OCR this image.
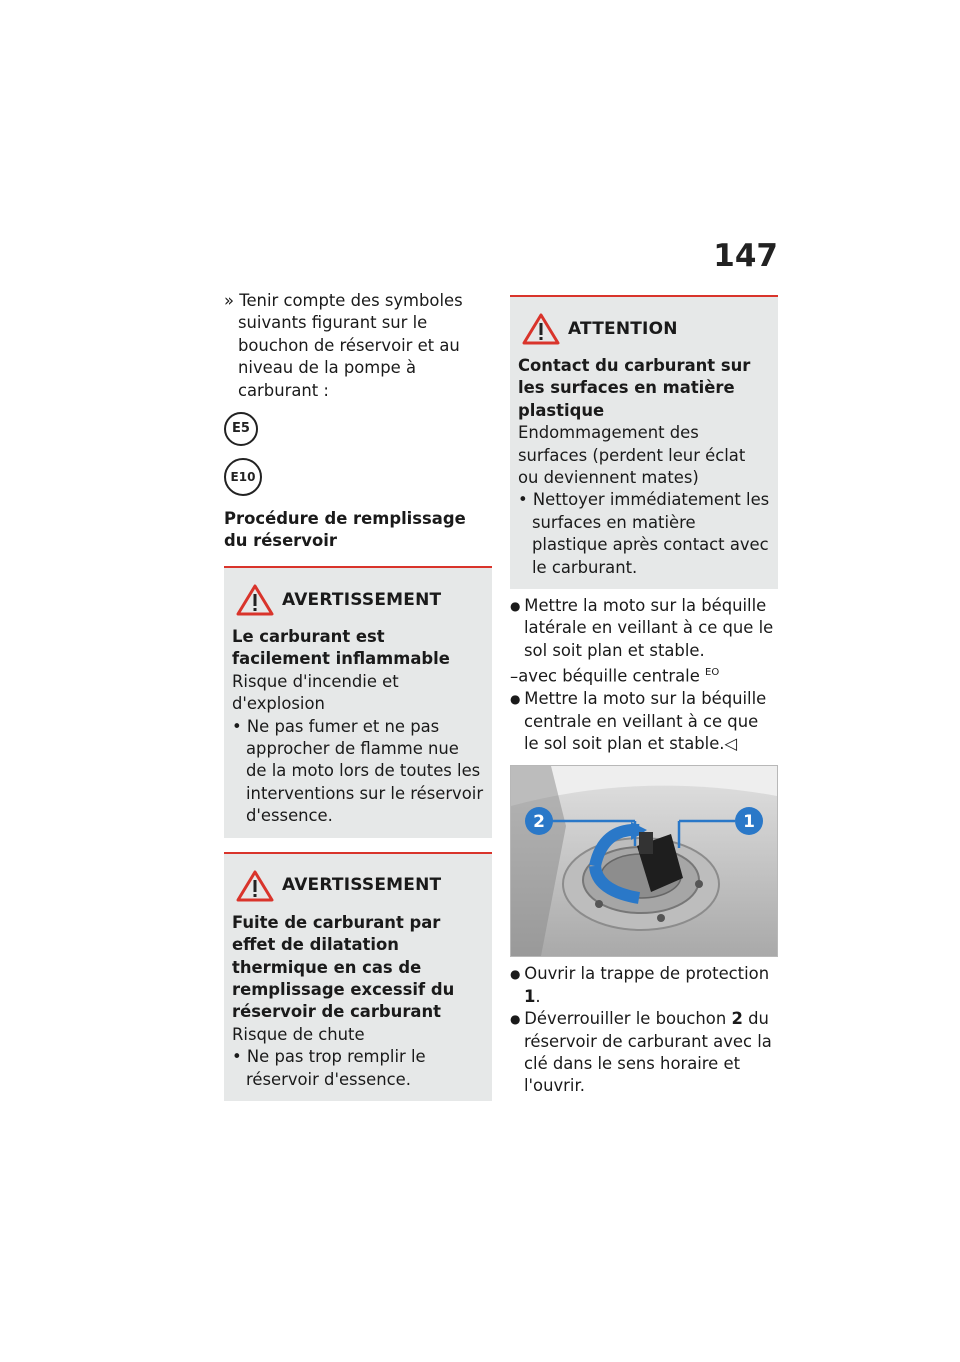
147

» Tenir compte des symboles suivants figurant sur le bouchon de réservoir et au niveau de la pompe à carburant :

E5
E10

Procédure de remplissage du réservoir

AVERTISSEMENT

Le carburant est facilement inflammable

Risque d'incendie et d'explosion

• Ne pas fumer et ne pas approcher de flamme nue de la moto lors de toutes les interventions sur le réservoir d'essence.

AVERTISSEMENT

Fuite de carburant par effet de dilatation thermique en cas de remplissage excessif du réservoir de carburant

Risque de chute

• Ne pas trop remplir le réservoir d'essence.

ATTENTION

Contact du carburant sur les surfaces en matière plastique

Endommagement des surfaces (perdent leur éclat ou deviennent mates)

• Nettoyer immédiatement les surfaces en matière plastique après contact avec le carburant.

● Mettre la moto sur la béquille latérale en veillant à ce que le sol soit plan et stable.

– avec béquille centrale $^{EO}$

● Mettre la moto sur la béquille centrale en veillant à ce que le sol soit plan et stable.◁

2	1

● Ouvrir la trappe de protection 1.

● Déverrouiller le bouchon 2 du réservoir de carburant avec la clé dans le sens horaire et l'ouvrir.
